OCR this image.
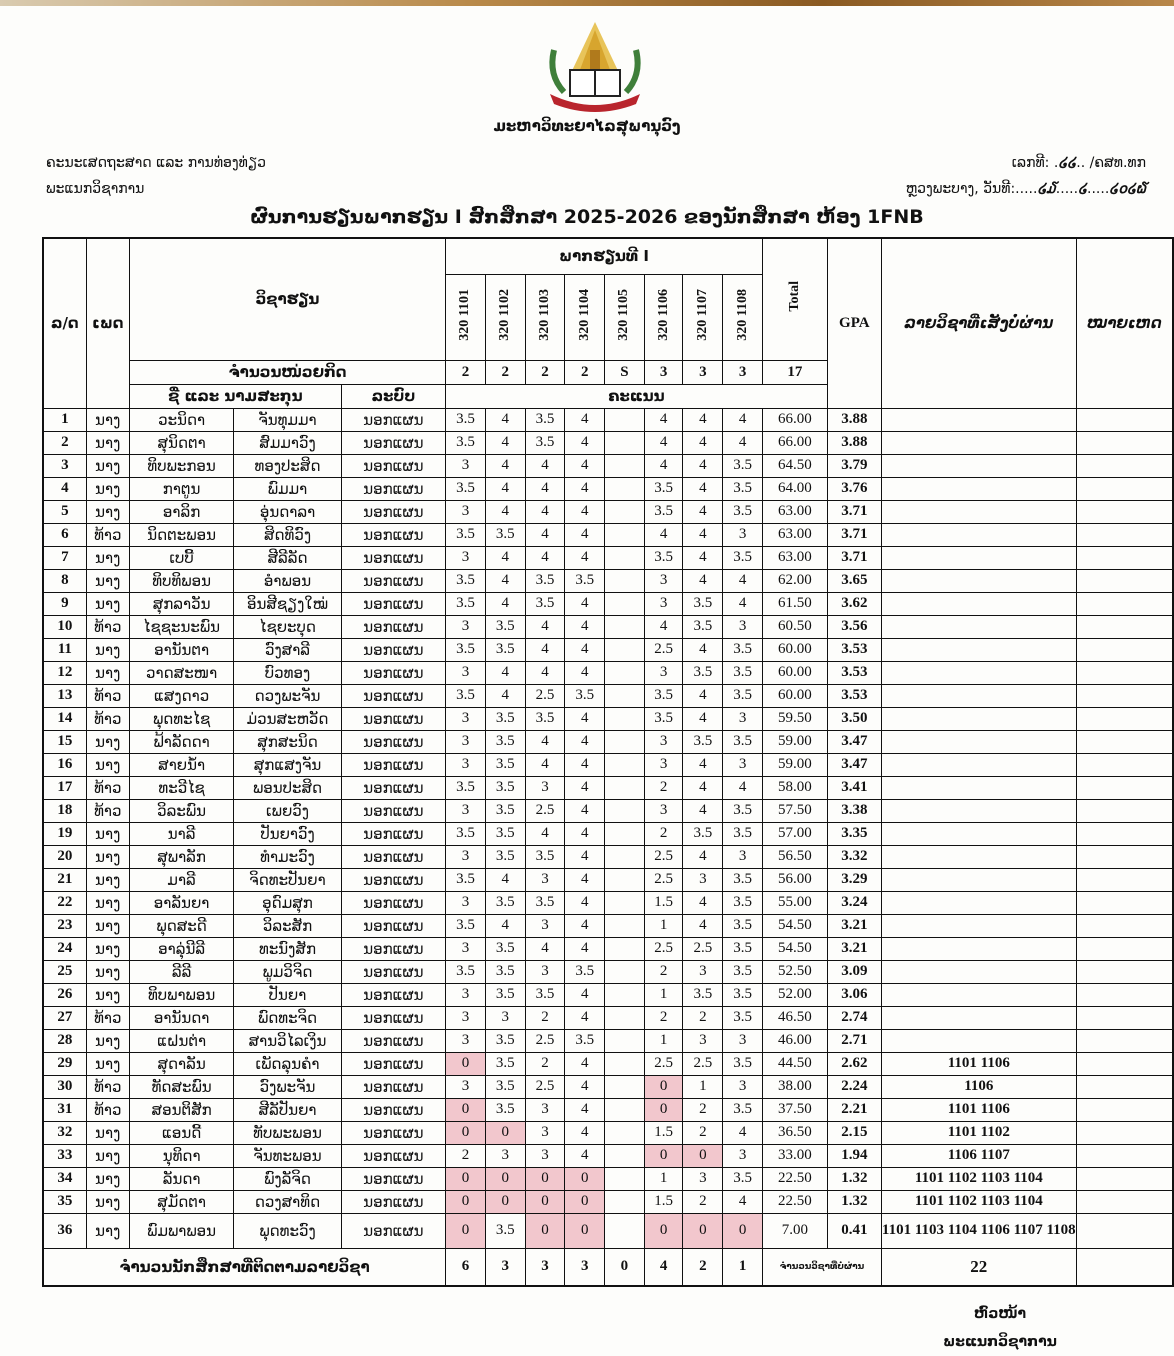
ມະຫາວິທະຍາໄລສຸພານຸວົງ
ຄະນະເສດຖະສາດ ແລະ ການທ່ອງທ່ຽວ
ພະແນກວິຊາການ
ເລກທີ: .໒໒.. /ຄສທ.ທກ
ຫຼວງພະບາງ, ວັນທີ:.....໒໓.....໒.....໒໐໒໖
ຜົນການຮຽນພາກຮຽນ I ສົກສຶກສາ 2025-2026 ຂອງນັກສຶກສາ ຫ້ອງ 1FNB
ລ/ດ	ເພດ	ວິຊາຮຽນ			ພາກຮຽນທີ I								Total	GPA	ລາຍວິຊາທີ່ເສັງບໍ່ຜ່ານ	ໝາຍເຫດ
					320 1101	320 1102	320 1103	320 1104	320 1105	320 1106	320 1107	320 1108				
		ຈຳນວນໜ່ວຍກິດ			2	2	2	2	S	3	3	3	17			
		ຊື່ ແລະ ນາມສະກຸນ		ລະບົບ	ຄະແນນ											
1	ນາງ	ວະນິດາ	ຈັນທຸມມາ	ນອກແຜນ	3.5	4	3.5	4		4	4	4	66.00	3.88		
2	ນາງ	ສຸນິດຕາ	ສົມມາວົງ	ນອກແຜນ	3.5	4	3.5	4		4	4	4	66.00	3.88		
3	ນາງ	ທິບພະກອນ	ທອງປະສິດ	ນອກແຜນ	3	4	4	4		4	4	3.5	64.50	3.79		
4	ນາງ	ກາຕູນ	ພົມມາ	ນອກແຜນ	3.5	4	4	4		3.5	4	3.5	64.00	3.76		
5	ນາງ	ອາລິກ	ອຸ່ນດາລາ	ນອກແຜນ	3	4	4	4		3.5	4	3.5	63.00	3.71		
6	ທ້າວ	ນິດຕະພອນ	ສິດທິວົງ	ນອກແຜນ	3.5	3.5	4	4		4	4	3	63.00	3.71		
7	ນາງ	ເບບີ້	ສີລີລັດ	ນອກແຜນ	3	4	4	4		3.5	4	3.5	63.00	3.71		
8	ນາງ	ທິບທິພອນ	ອຳພອນ	ນອກແຜນ	3.5	4	3.5	3.5		3	4	4	62.00	3.65		
9	ນາງ	ສຸກລາວັນ	ອິນສີຊຽງໃໝ່	ນອກແຜນ	3.5	4	3.5	4		3	3.5	4	61.50	3.62		
10	ທ້າວ	ໄຊຊະນະພົນ	ໄຊຍະບຸດ	ນອກແຜນ	3	3.5	4	4		4	3.5	3	60.50	3.56		
11	ນາງ	ອານັນຕາ	ວົງສາລີ	ນອກແຜນ	3.5	3.5	4	4		2.5	4	3.5	60.00	3.53		
12	ນາງ	ວາດສະໜາ	ບົວທອງ	ນອກແຜນ	3	4	4	4		3	3.5	3.5	60.00	3.53		
13	ທ້າວ	ແສງດາວ	ດວງພະຈັນ	ນອກແຜນ	3.5	4	2.5	3.5		3.5	4	3.5	60.00	3.53		
14	ທ້າວ	ພຸດທະໄຊ	ມ່ວນສະຫວັດ	ນອກແຜນ	3	3.5	3.5	4		3.5	4	3	59.50	3.50		
15	ນາງ	ຟ້າລັດດາ	ສຸກສະນິດ	ນອກແຜນ	3	3.5	4	4		3	3.5	3.5	59.00	3.47		
16	ນາງ	ສາຍນ້ຳ	ສຸກແສງຈັນ	ນອກແຜນ	3	3.5	4	4		3	4	3	59.00	3.47		
17	ທ້າວ	ທະວີໄຊ	ພອນປະສິດ	ນອກແຜນ	3.5	3.5	3	4		2	4	4	58.00	3.41		
18	ທ້າວ	ວິລະພົນ	ເພຍວົງ	ນອກແຜນ	3	3.5	2.5	4		3	4	3.5	57.50	3.38		
19	ນາງ	ນາລີ	ປັນຍາວົງ	ນອກແຜນ	3.5	3.5	4	4		2	3.5	3.5	57.00	3.35		
20	ນາງ	ສຸພາລັກ	ທຳມະວົງ	ນອກແຜນ	3	3.5	3.5	4		2.5	4	3	56.50	3.32		
21	ນາງ	ມາລີ	ຈິດທະປັນຍາ	ນອກແຜນ	3.5	4	3	4		2.5	3	3.5	56.00	3.29		
22	ນາງ	ອາລັນຍາ	ອຸດົມສຸກ	ນອກແຜນ	3	3.5	3.5	4		1.5	4	3.5	55.00	3.24		
23	ນາງ	ພຸດສະດີ	ວິລະສັກ	ນອກແຜນ	3.5	4	3	4		1	4	3.5	54.50	3.21		
24	ນາງ	ອາລຸ່ນີລີ	ທະນົງສັກ	ນອກແຜນ	3	3.5	4	4		2.5	2.5	3.5	54.50	3.21		
25	ນາງ	ລີລີ	ພູມວິຈິດ	ນອກແຜນ	3.5	3.5	3	3.5		2	3	3.5	52.50	3.09		
26	ນາງ	ທິບພາພອນ	ປັນຍາ	ນອກແຜນ	3	3.5	3.5	4		1	3.5	3.5	52.00	3.06		
27	ທ້າວ	ອານັນດາ	ພົດທະຈິດ	ນອກແຜນ	3	3	2	4		2	2	3.5	46.50	2.74		
28	ນາງ	ແຝນຕ່າ	ສານວິໄລເງິນ	ນອກແຜນ	3	3.5	2.5	3.5		1	3	3	46.00	2.71		
29	ນາງ	ສຸດາລັນ	ເພັດລຸນຄຳ	ນອກແຜນ	0	3.5	2	4		2.5	2.5	3.5	44.50	2.62	1101 1106	
30	ທ້າວ	ທັດສະພົນ	ວົງພະຈັນ	ນອກແຜນ	3	3.5	2.5	4		0	1	3	38.00	2.24	1106	
31	ທ້າວ	ສອນຕິສັກ	ສີລັປັນຍາ	ນອກແຜນ	0	3.5	3	4		0	2	3.5	37.50	2.21	1101 1106	
32	ນາງ	ແອນດີ້	ທັບພະພອນ	ນອກແຜນ	0	0	3	4		1.5	2	4	36.50	2.15	1101 1102	
33	ນາງ	ນຸທິດາ	ຈັນທະພອນ	ນອກແຜນ	2	3	3	4		0	0	3	33.00	1.94	1106 1107	
34	ນາງ	ລັນດາ	ພົງລັຈິດ	ນອກແຜນ	0	0	0	0		1	3	3.5	22.50	1.32	1101 1102 1103 1104	
35	ນາງ	ສຸມັດຕາ	ດວງສາທິດ	ນອກແຜນ	0	0	0	0		1.5	2	4	22.50	1.32	1101 1102 1103 1104	
36	ນາງ	ພົມພາພອນ	ພຸດທະວົງ	ນອກແຜນ	0	3.5	0	0		0	0	0	7.00	0.41	1101 1103 1104 1106 1107 1108	
ຈຳນວນນັກສຶກສາທີ່ຕິດຕາມລາຍວິຊາ					6	3	3	3	0	4	2	1	ຈຳນວນວິຊາທີ່ບໍ່ຜ່ານ		22	
ຫົວໜ້າ
ພະແນກວິຊາການ
